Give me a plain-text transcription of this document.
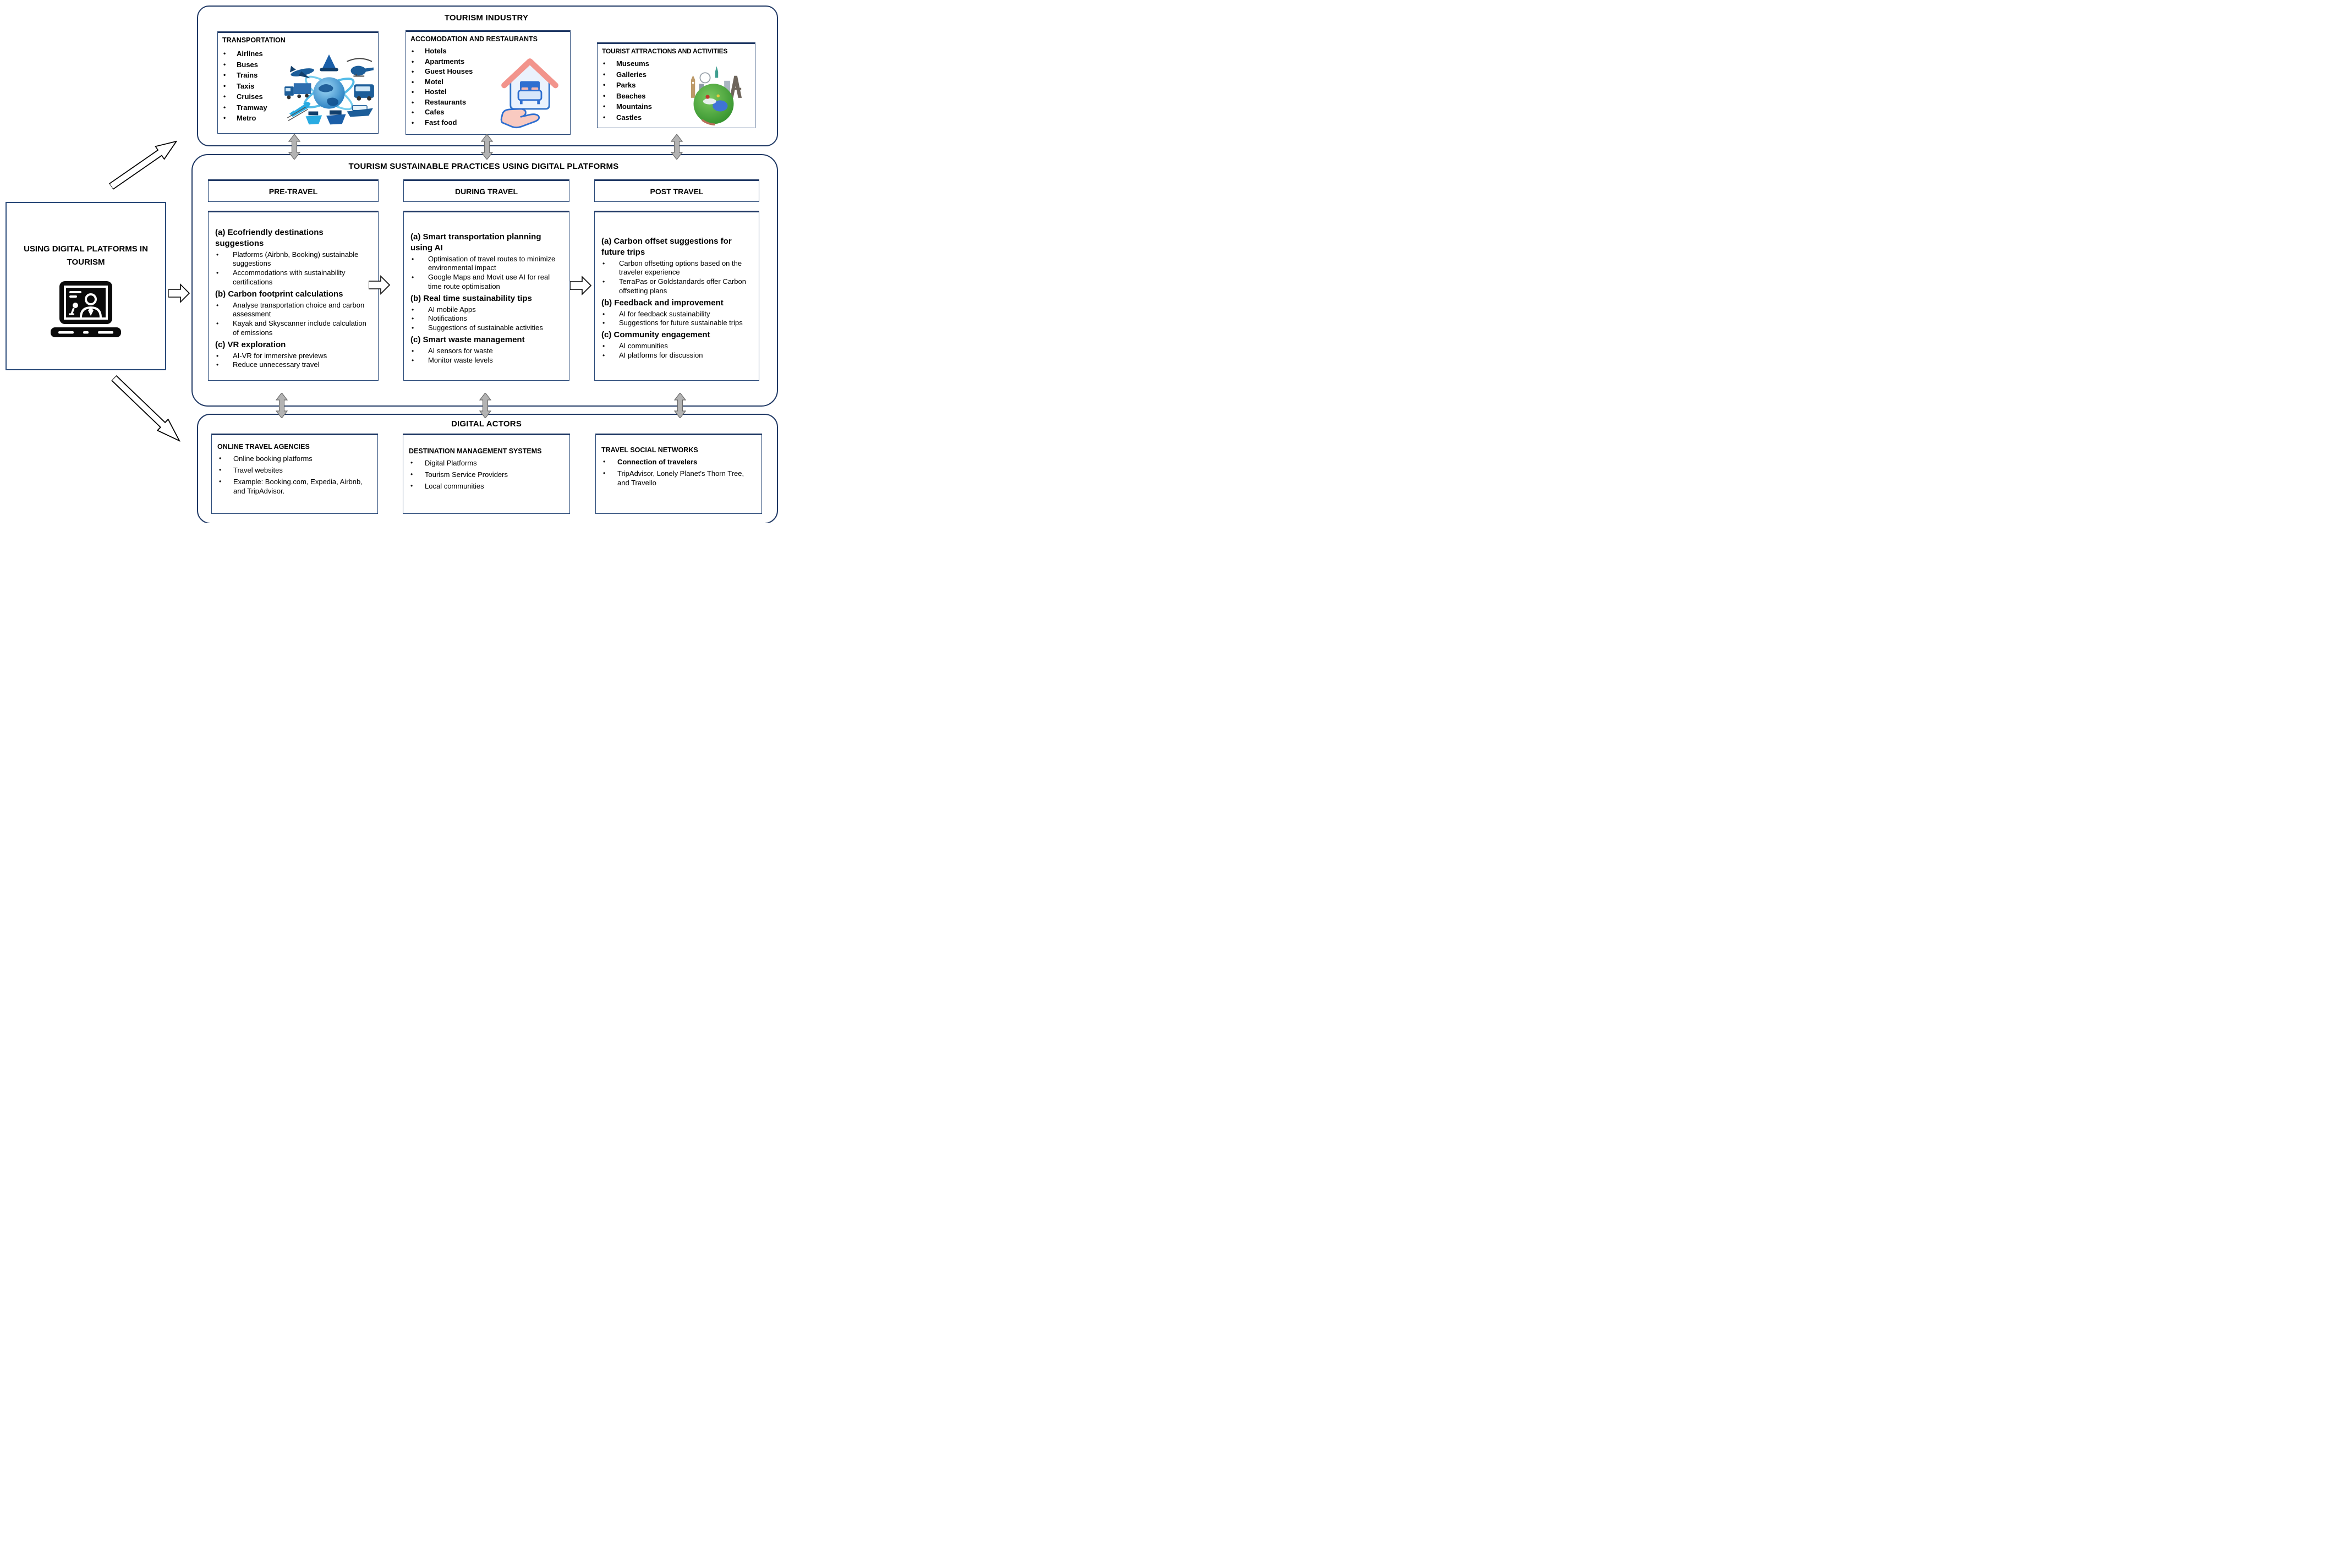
USING DIGITAL PLATFORMS IN TOURISM
TOURISM INDUSTRY
TRANSPORTATION
•	Airlines
•	Buses
•	Trains
•	Taxis
•	Cruises
•	Tramway
•	Metro
ACCOMODATION AND RESTAURANTS
•	Hotels
•	Apartments
•	Guest Houses
•	Motel
•	Hostel
•	Restaurants
•	Cafes
•	Fast food
TOURIST ATTRACTIONS AND ACTIVITIES
•	Museums
•	Galleries
•	Parks
•	Beaches
•	Mountains
•	Castles
TOURISM SUSTAINABLE PRACTICES USING DIGITAL PLATFORMS
PRE-TRAVEL	DURING TRAVEL	POST TRAVEL
(a) Ecofriendly destinations suggestions
•	Platforms (Airbnb, Booking) sustainable suggestions
•	Accommodations with sustainability certifications
(b) Carbon footprint calculations
•	Analyse transportation choice and carbon assessment
•	Kayak and Skyscanner include calculation of emissions
(c) VR exploration
•	AI-VR for immersive previews
•	Reduce unnecessary travel
(a) Smart transportation planning using AI
•	Optimisation of travel routes to minimize environmental impact
•	Google Maps and Movit use AI for real time route optimisation
(b) Real time sustainability tips
•	AI mobile Apps
•	Notifications
•	Suggestions of sustainable activities
(c) Smart waste management
•	AI sensors for waste
•	Monitor waste levels
(a) Carbon offset suggestions for future trips
•	Carbon offsetting options based on the traveler experience
•	TerraPas or Goldstandards offer Carbon offsetting plans
(b) Feedback and improvement
•	AI for feedback sustainability
•	Suggestions for future sustainable trips
(c) Community engagement
•	AI communities
•	AI platforms for discussion
DIGITAL ACTORS
ONLINE TRAVEL AGENCIES
•	Online booking platforms
•	Travel websites
•	Example: Booking.com, Expedia, Airbnb, and TripAdvisor.
DESTINATION MANAGEMENT SYSTEMS
•	Digital Platforms
•	Tourism Service Providers
•	Local communities
TRAVEL SOCIAL NETWORKS
•	Connection of travelers
•	TripAdvisor, Lonely Planet's Thorn Tree, and Travello
